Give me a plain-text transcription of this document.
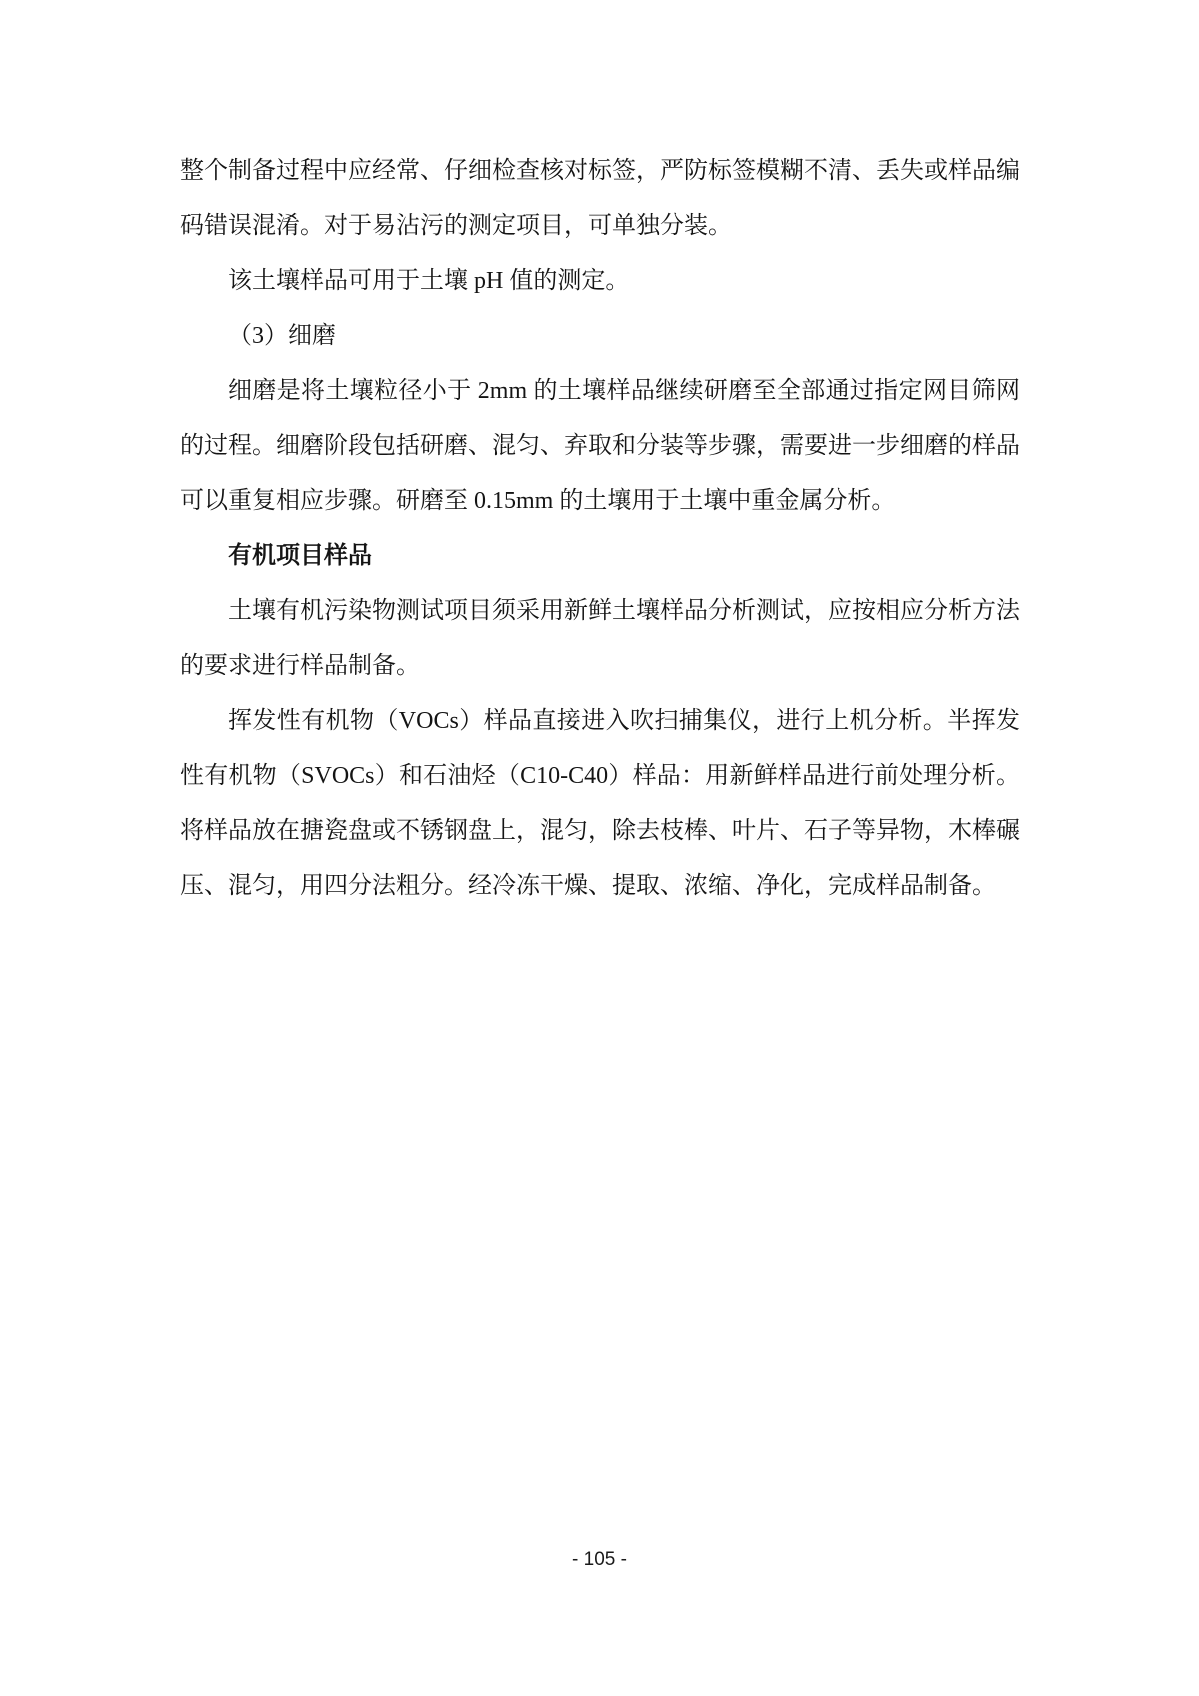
整个制备过程中应经常、仔细检查核对标签，严防标签模糊不清、丢失或样品编码错误混淆。对于易沾污的测定项目，可单独分装。

该土壤样品可用于土壤 pH 值的测定。

（3）细磨

细磨是将土壤粒径小于 2mm 的土壤样品继续研磨至全部通过指定网目筛网的过程。细磨阶段包括研磨、混匀、弃取和分装等步骤，需要进一步细磨的样品可以重复相应步骤。研磨至 0.15mm 的土壤用于土壤中重金属分析。

有机项目样品

土壤有机污染物测试项目须采用新鲜土壤样品分析测试，应按相应分析方法的要求进行样品制备。

挥发性有机物（VOCs）样品直接进入吹扫捕集仪，进行上机分析。半挥发性有机物（SVOCs）和石油烃（C10-C40）样品：用新鲜样品进行前处理分析。将样品放在搪瓷盘或不锈钢盘上，混匀，除去枝棒、叶片、石子等异物，木棒碾压、混匀，用四分法粗分。经冷冻干燥、提取、浓缩、净化，完成样品制备。

- 105 -
